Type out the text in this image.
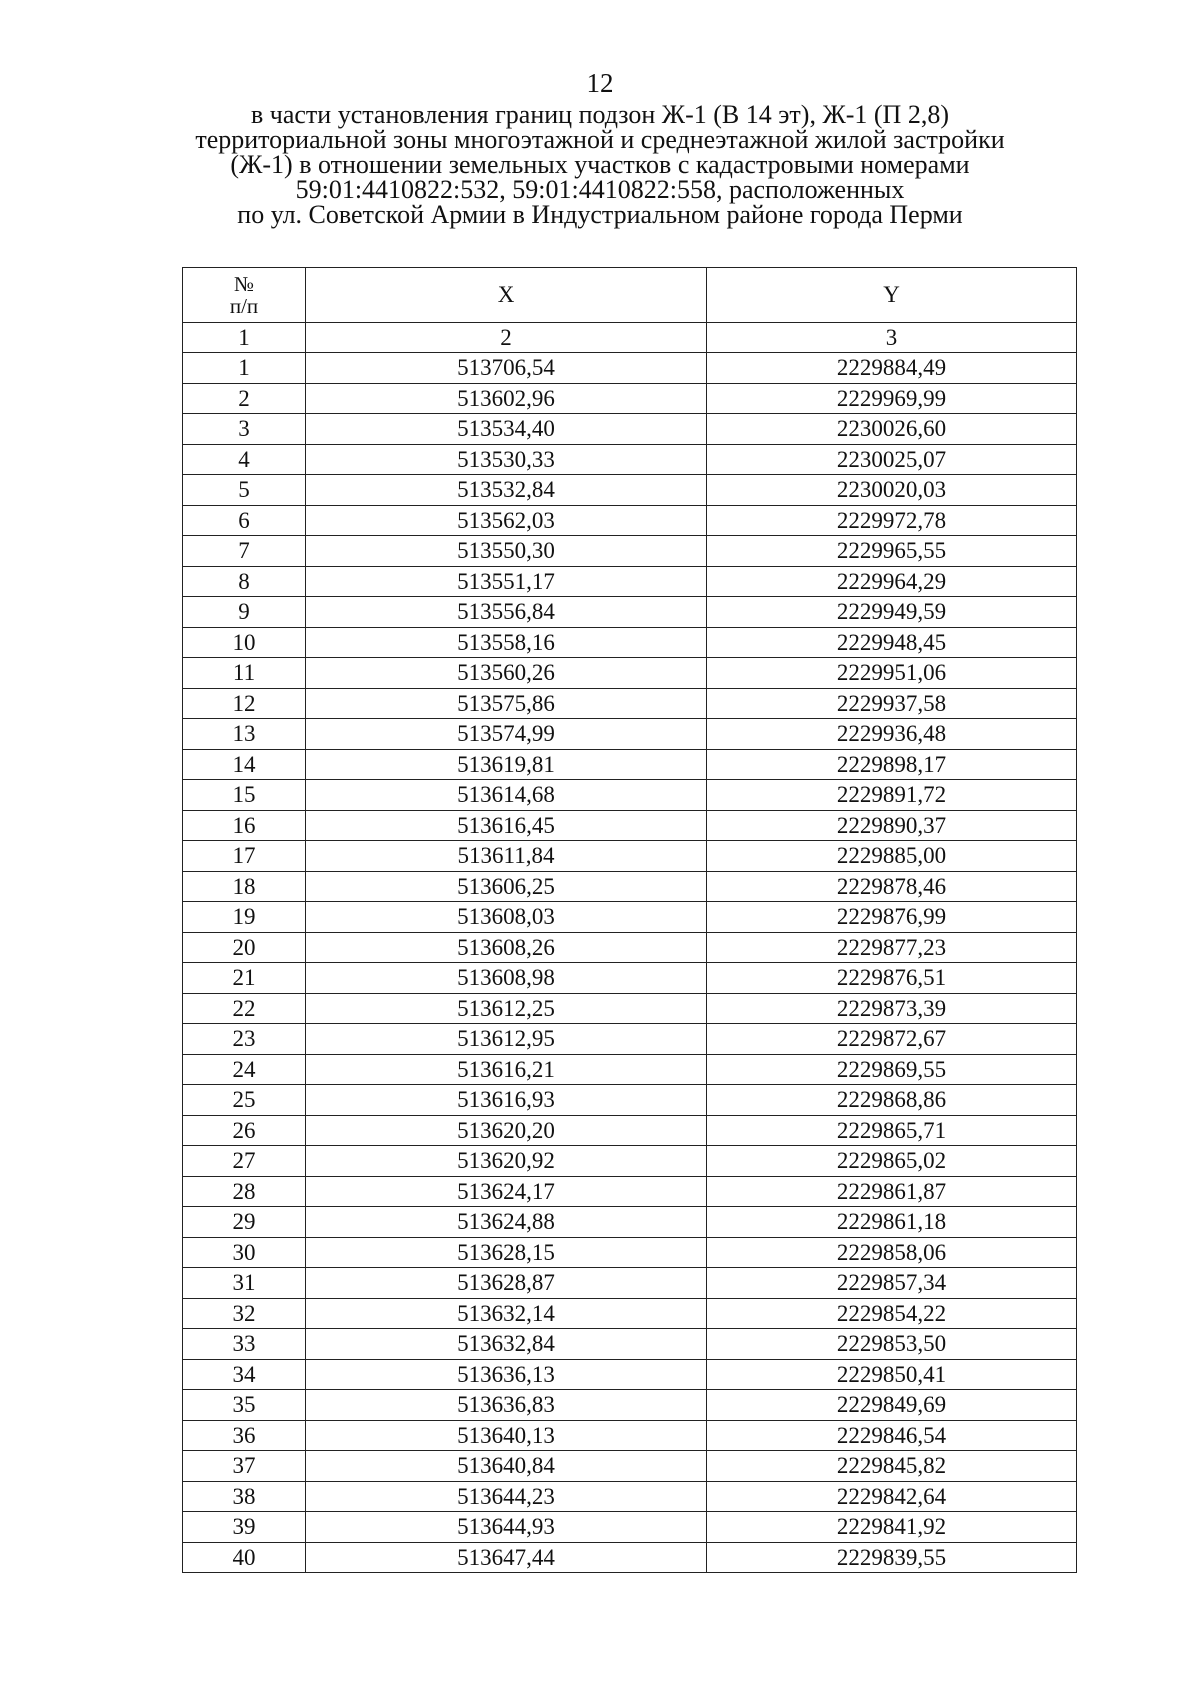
12
в части установления границ подзон Ж-1 (В 14 эт), Ж-1 (П 2,8)
территориальной зоны многоэтажной и среднеэтажной жилой застройки
(Ж-1) в отношении земельных участков с кадастровыми номерами
59:01:4410822:532, 59:01:4410822:558, расположенных
по ул. Советской Армии в Индустриальном районе города Перми
№
п/п	X	Y
1	2	3
1	513706,54	2229884,49
2	513602,96	2229969,99
3	513534,40	2230026,60
4	513530,33	2230025,07
5	513532,84	2230020,03
6	513562,03	2229972,78
7	513550,30	2229965,55
8	513551,17	2229964,29
9	513556,84	2229949,59
10	513558,16	2229948,45
11	513560,26	2229951,06
12	513575,86	2229937,58
13	513574,99	2229936,48
14	513619,81	2229898,17
15	513614,68	2229891,72
16	513616,45	2229890,37
17	513611,84	2229885,00
18	513606,25	2229878,46
19	513608,03	2229876,99
20	513608,26	2229877,23
21	513608,98	2229876,51
22	513612,25	2229873,39
23	513612,95	2229872,67
24	513616,21	2229869,55
25	513616,93	2229868,86
26	513620,20	2229865,71
27	513620,92	2229865,02
28	513624,17	2229861,87
29	513624,88	2229861,18
30	513628,15	2229858,06
31	513628,87	2229857,34
32	513632,14	2229854,22
33	513632,84	2229853,50
34	513636,13	2229850,41
35	513636,83	2229849,69
36	513640,13	2229846,54
37	513640,84	2229845,82
38	513644,23	2229842,64
39	513644,93	2229841,92
40	513647,44	2229839,55
